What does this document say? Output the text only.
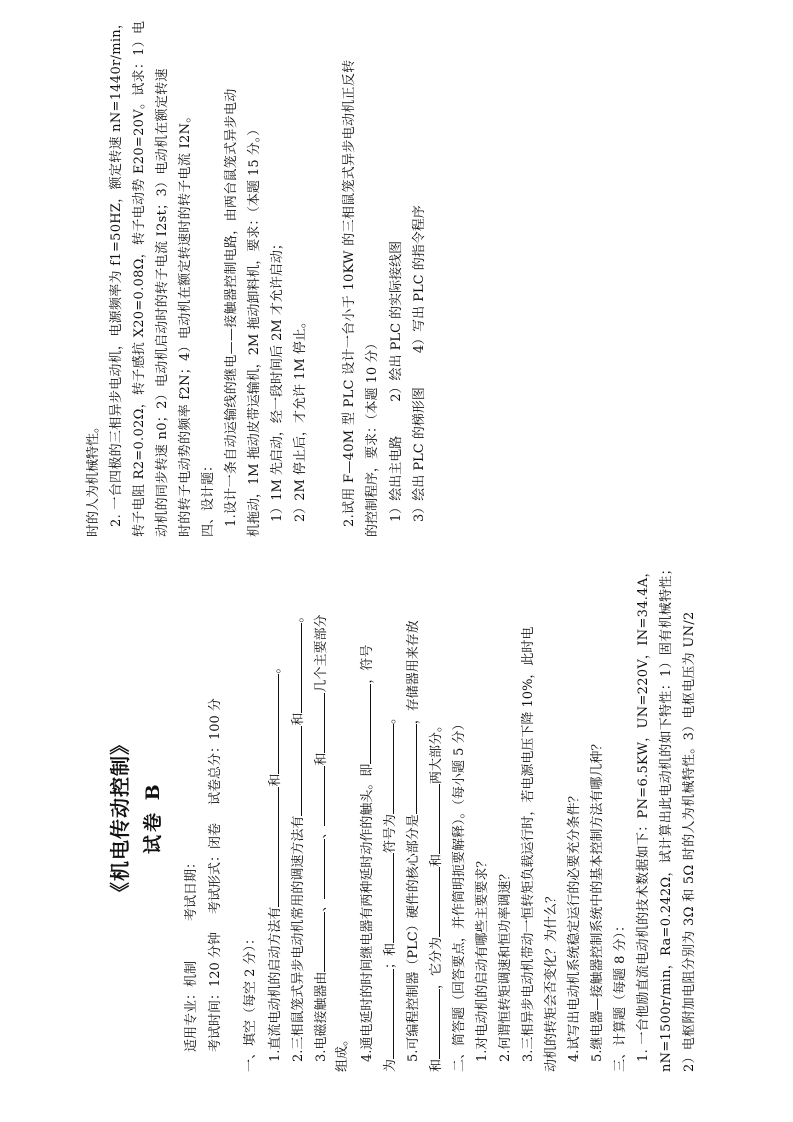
《机电传动控制》 试卷 B
适用专业：机制考试日期：
考试时间：120 分钟考试形式：闭卷试卷总分：100 分
一、填空（每空 2 分）： 1.直流电动机的启动方法有和。
2.三相鼠笼式异步电动机常用的调速方法有和。
3.电磁接触器由、、和几个主要部分
组成。 4.通电延时的时间继电器有两种延时动作的触头。即，符号
为；和符号为。
5.可编程控制器（PLC）硬件的核心部分是，存储器用来存放
和，它分为和两大部分。 二、简答题（回答要点，并作简明扼要解释）。（每小题 5 分） 1.对电动机的启动有哪些主要要求？ 2.何谓恒转矩调速和恒功率调速？ 3.三相异步电动机带动一恒转矩负载运行时，若电源电压下降 10%，此时电 动机的转矩会否变化？为什么？ 4.试写出电动机系统稳定运行的必要充分条件？ 5.继电器—接触器控制系统中的基本控制方法有哪几种？ 三、计算题（每题 8 分）： 1. 一台他励直流电动机的技术数据如下：PN=6.5KW，UN=220V，IN=34.4A， nN=1500r/min，Ra=0.242Ω，试计算出此电动机的如下特性：1）固有机械特性； 2）电枢附加电阻分别为 3Ω 和 5Ω 时的人为机械特性。3）电枢电压为 UN/2
时的人为机械特性。 2. 一台四极的三相异步电动机，电源频率为 f1=50HZ，额定转速 nN=1440r/min， 转子电阻 R2=0.02Ω，转子感抗 X20=0.08Ω，转子电动势 E20=20V。试求：1）电 动机的同步转速 n0；2）电动机启动时的转子电流 I2st；3）电动机在额定转速 时的转子电动势的频率 f2N；4）电动机在额定转速时的转子电流 I2N。 四、设计题： 1.设计一条自动运输线的继电——接触器控制电路，由两台鼠笼式异步电动 机拖动，1M 拖动皮带运输机，2M 拖动卸料机，要求：（本题 15 分。） 1）1M 先启动，经一段时间后 2M 才允许启动； 2）2M 停止后，才允许 1M 停止。	2.试用 F—40M 型 PLC 设计一台小于 10KW 的三相鼠笼式异步电动机正反转 的控制程序，要求：（本题 10 分） 1）绘出主电路2）绘出 PLC 的实际接线图
3）绘出 PLC 的梯形图4）写出 PLC 的指令程序
